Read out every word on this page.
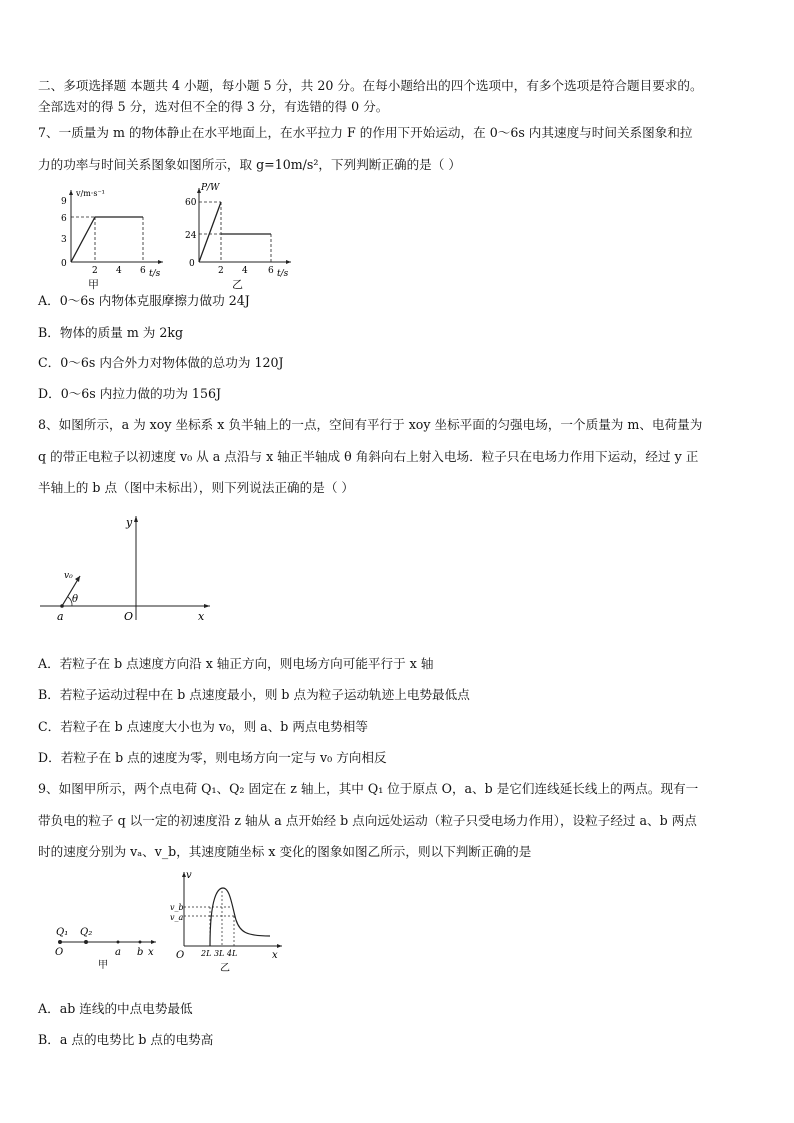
二、多项选择题 本题共 4 小题，每小题 5 分，共 20 分。在每小题给出的四个选项中，有多个选项是符合题目要求的。
全部选对的得 5 分，选对但不全的得 3 分，有选错的得 0 分。
7、一质量为 m 的物体静止在水平地面上，在水平拉力 F 的作用下开始运动，在 0～6s 内其速度与时间关系图象和拉
力的功率与时间关系图象如图所示，取 g=10m/s²，下列判断正确的是（ ）
v/m·s⁻¹
t/s
9
6
3
0
2 4 6
甲
P/W
t/s
60
24
0
2 4 6
乙
A．0～6s 内物体克服摩擦力做功 24J
B．物体的质量 m 为 2kg
C．0～6s 内合外力对物体做的总功为 120J
D．0～6s 内拉力做的功为 156J
8、如图所示，a 为 xoy 坐标系 x 负半轴上的一点，空间有平行于 xoy 坐标平面的匀强电场，一个质量为 m、电荷量为
q 的带正电粒子以初速度 v₀ 从 a 点沿与 x 轴正半轴成 θ 角斜向右上射入电场．粒子只在电场力作用下运动，经过 y 正
半轴上的 b 点（图中未标出），则下列说法正确的是（ ）
y
x
O
a
v₀
θ
A．若粒子在 b 点速度方向沿 x 轴正方向，则电场方向可能平行于 x 轴
B．若粒子运动过程中在 b 点速度最小，则 b 点为粒子运动轨迹上电势最低点
C．若粒子在 b 点速度大小也为 v₀，则 a、b 两点电势相等
D．若粒子在 b 点的速度为零，则电场方向一定与 v₀ 方向相反
9、如图甲所示，两个点电荷 Q₁、Q₂ 固定在 z 轴上，其中 Q₁ 位于原点 O，a、b 是它们连线延长线上的两点。现有一
带负电的粒子 q 以一定的初速度沿 z 轴从 a 点开始经 b 点向远处运动（粒子只受电场力作用），设粒子经过 a、b 两点
时的速度分别为 vₐ、v_b，其速度随坐标 x 变化的图象如图乙所示，则以下判断正确的是
Q₁ Q₂
O	a b x
甲
v
v_b
v_a
O 2L 3L 4L	x
乙
A．ab 连线的中点电势最低
B．a 点的电势比 b 点的电势高
